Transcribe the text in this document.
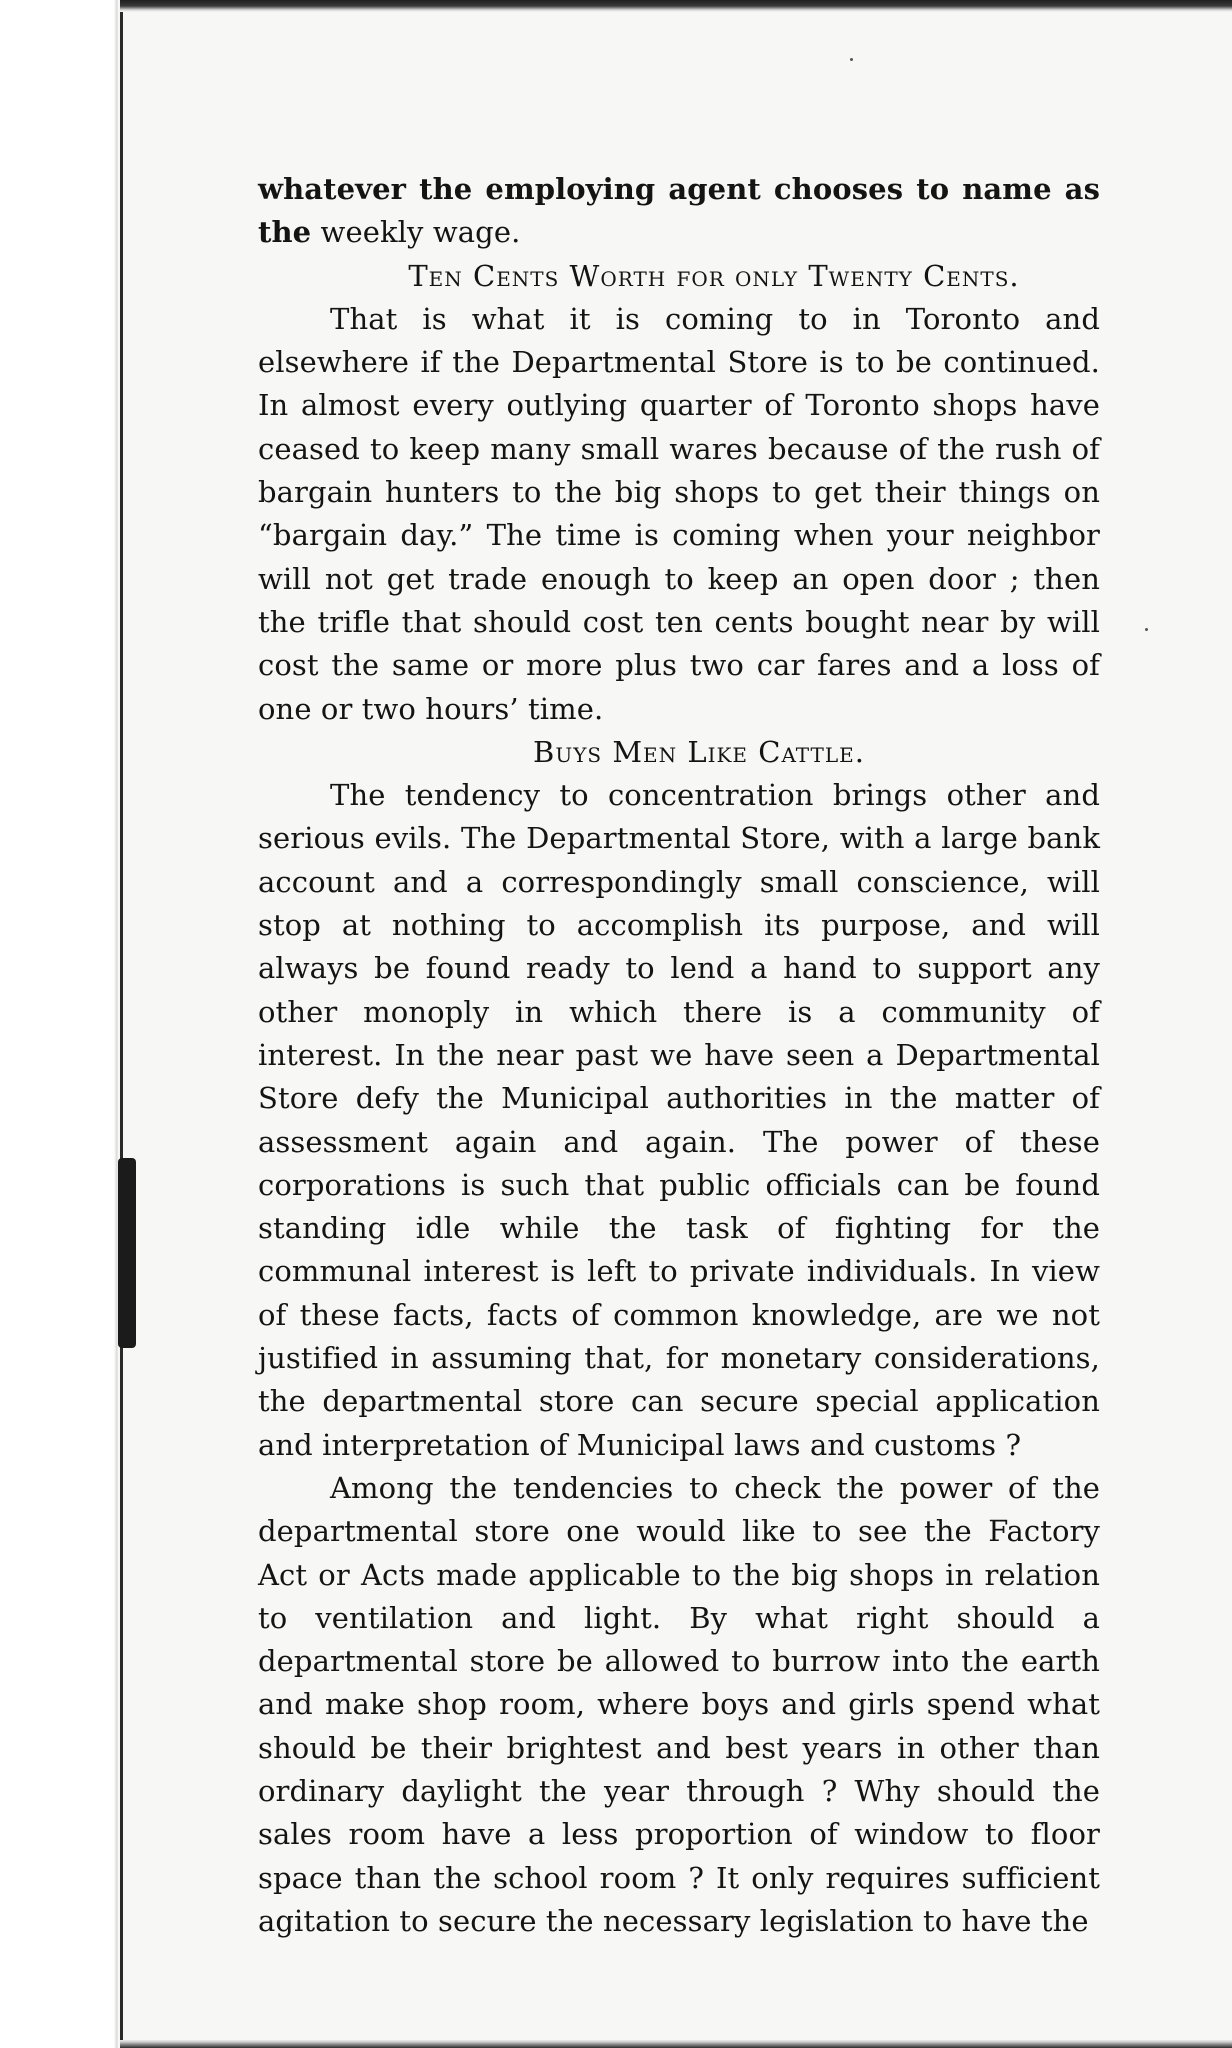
whatever the employing agent chooses to name as the weekly wage.

Ten Cents Worth for only Twenty Cents.

That is what it is coming to in Toronto and elsewhere if the Departmental Store is to be continued. In almost every outlying quarter of Toronto shops have ceased to keep many small wares because of the rush of bargain hunters to the big shops to get their things on “bargain day.” The time is coming when your neighbor will not get trade enough to keep an open door ; then the trifle that should cost ten cents bought near by will cost the same or more plus two car fares and a loss of one or two hours’ time.

Buys Men Like Cattle.

The tendency to concentration brings other and serious evils. The Departmental Store, with a large bank account and a correspondingly small conscience, will stop at nothing to accomplish its purpose, and will always be found ready to lend a hand to support any other monoply in which there is a community of interest. In the near past we have seen a Departmental Store defy the Municipal authorities in the matter of assessment again and again. The power of these corporations is such that public officials can be found standing idle while the task of fighting for the communal interest is left to private individuals. In view of these facts, facts of common knowledge, are we not justified in assuming that, for monetary considerations, the departmental store can secure special application and interpretation of Municipal laws and customs ?

Among the tendencies to check the power of the departmental store one would like to see the Factory Act or Acts made applicable to the big shops in relation to ventilation and light. By what right should a departmental store be allowed to burrow into the earth and make shop room, where boys and girls spend what should be their brightest and best years in other than ordinary daylight the year through ? Why should the sales room have a less proportion of window to floor space than the school room ? It only requires sufficient agitation to secure the necessary legislation to have the
